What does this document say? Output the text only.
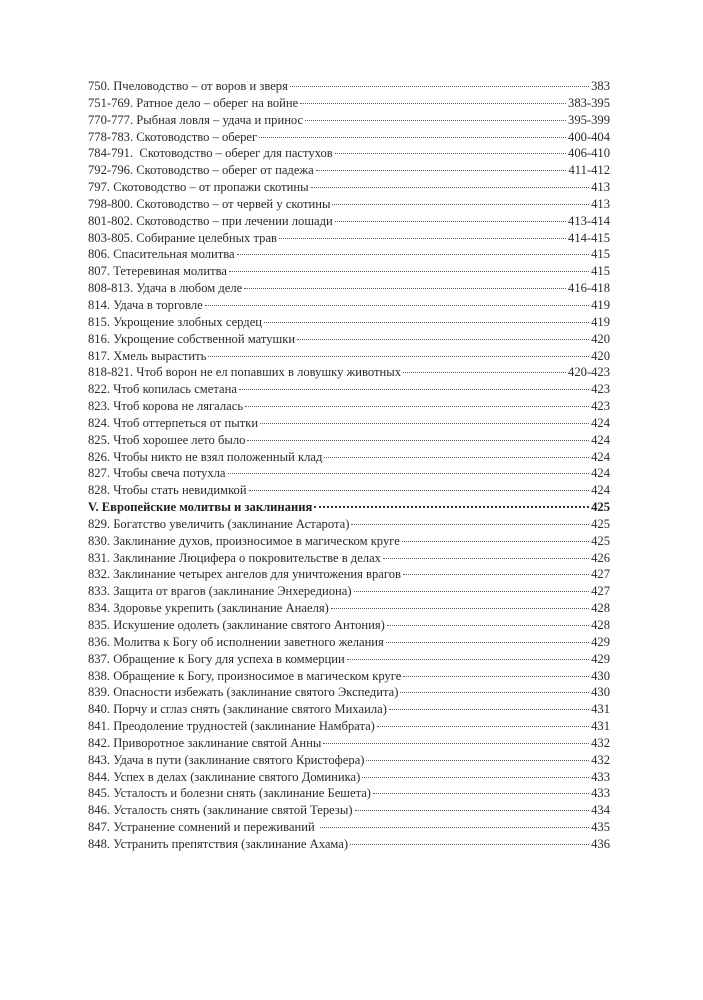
750. Пчеловодство – от воров и зверя	383
751-769. Ратное дело – оберег на войне	383-395
770-777. Рыбная ловля – удача и принос	395-399
778-783. Скотоводство – оберег	400-404
784-791.  Скотоводство – оберег для пастухов	406-410
792-796. Скотоводство – оберег от падежа	411-412
797. Скотоводство – от пропажи скотины	413
798-800. Скотоводство – от червей у скотины	413
801-802. Скотоводство – при лечении лошади	413-414
803-805. Собирание целебных трав	414-415
806. Спасительная молитва	415
807. Тетеревиная молитва	415
808-813. Удача в любом деле	416-418
814. Удача в торговле	419
815. Укрощение злобных сердец	419
816. Укрощение собственной матушки	420
817. Хмель вырастить	420
818-821. Чтоб ворон не ел попавших в ловушку животных	420-423
822. Чтоб копилась сметана	423
823. Чтоб корова не лягалась	423
824. Чтоб оттерпеться от пытки	424
825. Чтоб хорошее лето было	424
826. Чтобы никто не взял положенный клад	424
827. Чтобы свеча потухла	424
828. Чтобы стать невидимкой	424
V. Европейские молитвы и заклинания	425
829. Богатство увеличить (заклинание Астарота)	425
830. Заклинание духов, произносимое в магическом круге	425
831. Заклинание Люцифера о покровительстве в делах	426
832. Заклинание четырех ангелов для уничтожения врагов	427
833. Защита от врагов (заклинание Энхередиона)	427
834. Здоровье укрепить (заклинание Анаеля)	428
835. Искушение одолеть (заклинание святого Антония)	428
836. Молитва к Богу об исполнении заветного желания	429
837. Обращение к Богу для успеха в коммерции	429
838. Обращение к Богу, произносимое в магическом круге	430
839. Опасности избежать (заклинание святого Экспедита)	430
840. Порчу и сглаз снять (заклинание святого Михаила)	431
841. Преодоление трудностей (заклинание Намбрата)	431
842. Приворотное заклинание святой Анны	432
843. Удача в пути (заклинание святого Кристофера)	432
844. Успех в делах (заклинание святого Доминика)	433
845. Усталость и болезни снять (заклинание Бешета)	433
846. Усталость снять (заклинание святой Терезы)	434
847. Устранение сомнений и переживаний	435
848. Устранить препятствия (заклинание Ахама)	436
